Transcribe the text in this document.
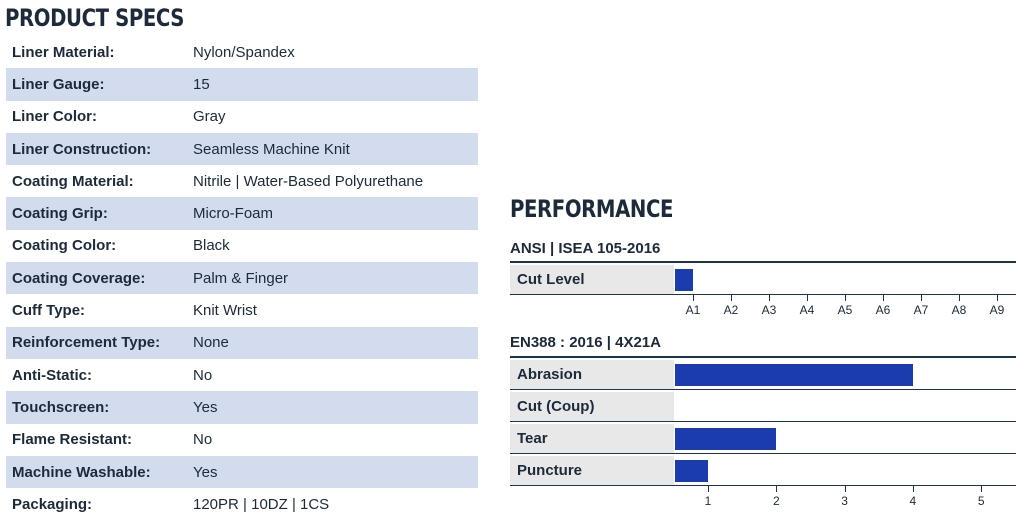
PRODUCT SPECS
Liner Material:	Nylon/Spandex
Liner Gauge:	15
Liner Color:	Gray
Liner Construction:	Seamless Machine Knit
Coating Material:	Nitrile | Water-Based Polyurethane
Coating Grip:	Micro-Foam
Coating Color:	Black
Coating Coverage:	Palm & Finger
Cuff Type:	Knit Wrist
Reinforcement Type:	None
Anti-Static:	No
Touchscreen:	Yes
Flame Resistant:	No
Machine Washable:	Yes
Packaging:	120PR | 10DZ | 1CS
PERFORMANCE
ANSI | ISEA 105-2016
Cut Level
A1	A2	A3	A4	A5	A6	A7	A8	A9
EN388 : 2016 | 4X21A
Abrasion
Cut (Coup)
Tear
Puncture
1	2	3	4	5
